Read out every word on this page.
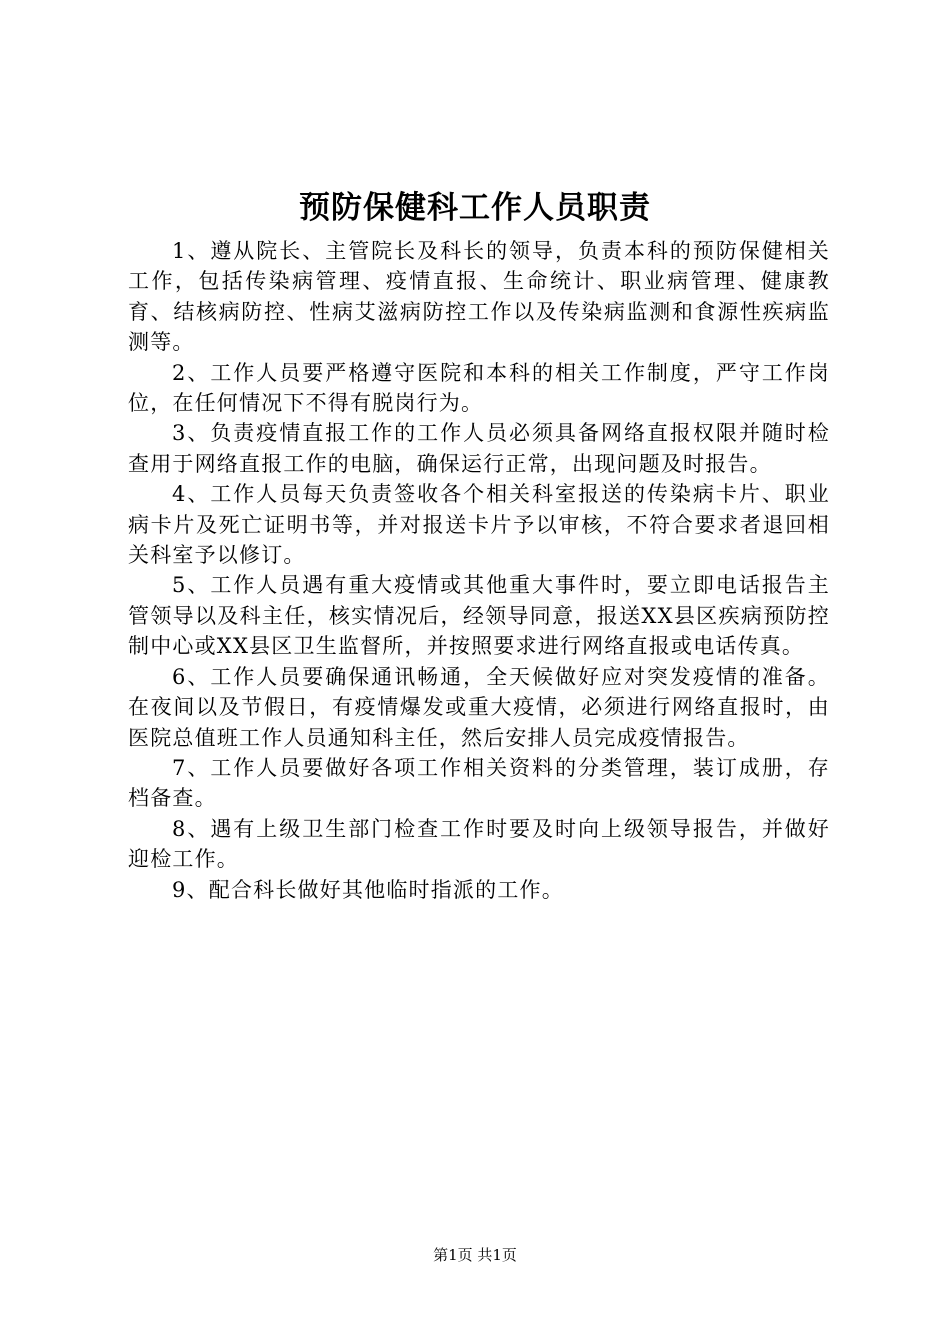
预防保健科工作人员职责

1、遵从院长、主管院长及科长的领导，负责本科的预防保健相关工作，包括传染病管理、疫情直报、生命统计、职业病管理、健康教育、结核病防控、性病艾滋病防控工作以及传染病监测和食源性疾病监测等。

2、工作人员要严格遵守医院和本科的相关工作制度，严守工作岗位，在任何情况下不得有脱岗行为。

3、负责疫情直报工作的工作人员必须具备网络直报权限并随时检查用于网络直报工作的电脑，确保运行正常，出现问题及时报告。

4、工作人员每天负责签收各个相关科室报送的传染病卡片、职业病卡片及死亡证明书等，并对报送卡片予以审核，不符合要求者退回相关科室予以修订。

5、工作人员遇有重大疫情或其他重大事件时，要立即电话报告主管领导以及科主任，核实情况后，经领导同意，报送XX县区疾病预防控制中心或XX县区卫生监督所，并按照要求进行网络直报或电话传真。

6、工作人员要确保通讯畅通，全天候做好应对突发疫情的准备。在夜间以及节假日，有疫情爆发或重大疫情，必须进行网络直报时，由医院总值班工作人员通知科主任，然后安排人员完成疫情报告。

7、工作人员要做好各项工作相关资料的分类管理，装订成册，存档备查。

8、遇有上级卫生部门检查工作时要及时向上级领导报告，并做好迎检工作。

9、配合科长做好其他临时指派的工作。

第1页 共1页
